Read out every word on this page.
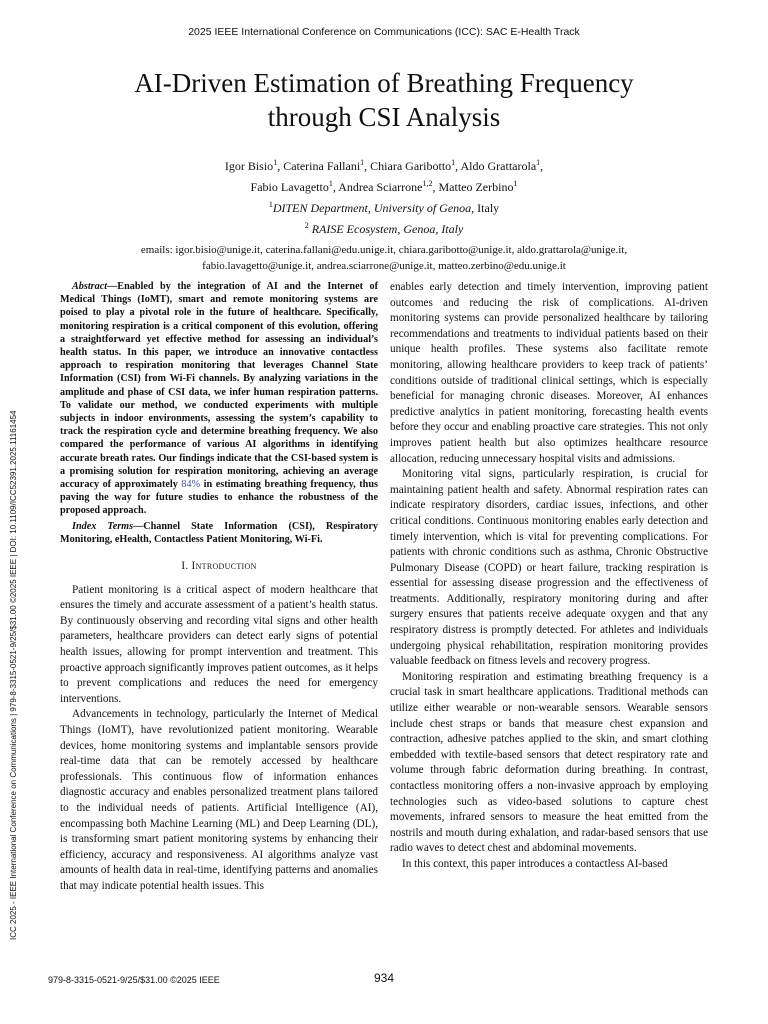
2025 IEEE International Conference on Communications (ICC): SAC E-Health Track
AI-Driven Estimation of Breathing Frequency
through CSI Analysis
Igor Bisio$^1$, Caterina Fallani$^1$, Chiara Garibotto$^1$, Aldo Grattarola$^1$,
Fabio Lavagetto$^1$, Andrea Sciarrone$^{1,2}$, Matteo Zerbino$^1$
$^1$DITEN Department, University of Genoa, Italy
$^2$ RAISE Ecosystem, Genoa, Italy
emails: igor.bisio@unige.it, caterina.fallani@edu.unige.it, chiara.garibotto@unige.it, aldo.grattarola@unige.it,
fabio.lavagetto@unige.it, andrea.sciarrone@unige.it, matteo.zerbino@edu.unige.it
ICC 2025 - IEEE International Conference on Communications | 979-8-3315-0521-9/25/$31.00 ©2025 IEEE | DOI: 10.1109/ICC52391.2025.11161454

Abstract—Enabled by the integration of AI and the Internet of Medical Things (IoMT), smart and remote monitoring systems are poised to play a pivotal role in the future of healthcare. Specifically, monitoring respiration is a critical component of this evolution, offering a straightforward yet effective method for assessing an individual’s health status. In this paper, we introduce an innovative contactless approach to respiration monitoring that leverages Channel State Information (CSI) from Wi-Fi channels. By analyzing variations in the amplitude and phase of CSI data, we infer human respiration patterns. To validate our method, we conducted experiments with multiple subjects in indoor environments, assessing the system’s capability to track the respiration cycle and determine breathing frequency. We also compared the performance of various AI algorithms in identifying accurate breath rates. Our findings indicate that the CSI-based system is a promising solution for respiration monitoring, achieving an average accuracy of approximately 84% in estimating breathing frequency, thus paving the way for future studies to enhance the robustness of the proposed approach.

Index Terms—Channel State Information (CSI), Respiratory Monitoring, eHealth, Contactless Patient Monitoring, Wi-Fi.

I. Introduction

Patient monitoring is a critical aspect of modern healthcare that ensures the timely and accurate assessment of a patient’s health status. By continuously observing and recording vital signs and other health parameters, healthcare providers can detect early signs of potential health issues, allowing for prompt intervention and treatment. This proactive approach significantly improves patient outcomes, as it helps to prevent complications and reduces the need for emergency interventions.

Advancements in technology, particularly the Internet of Medical Things (IoMT), have revolutionized patient monitoring. Wearable devices, home monitoring systems and implantable sensors provide real-time data that can be remotely accessed by healthcare professionals. This continuous flow of information enhances diagnostic accuracy and enables personalized treatment plans tailored to the individual needs of patients. Artificial Intelligence (AI), encompassing both Machine Learning (ML) and Deep Learning (DL), is transforming smart patient monitoring systems by enhancing their efficiency, accuracy and responsiveness. AI algorithms analyze vast amounts of health data in real-time, identifying patterns and anomalies that may indicate potential health issues. This

enables early detection and timely intervention, improving patient outcomes and reducing the risk of complications. AI-driven monitoring systems can provide personalized healthcare by tailoring recommendations and treatments to individual patients based on their unique health profiles. These systems also facilitate remote monitoring, allowing healthcare providers to keep track of patients’ conditions outside of traditional clinical settings, which is especially beneficial for managing chronic diseases. Moreover, AI enhances predictive analytics in patient monitoring, forecasting health events before they occur and enabling proactive care strategies. This not only improves patient health but also optimizes healthcare resource allocation, reducing unnecessary hospital visits and admissions.

Monitoring vital signs, particularly respiration, is crucial for maintaining patient health and safety. Abnormal respiration rates can indicate respiratory disorders, cardiac issues, infections, and other critical conditions. Continuous monitoring enables early detection and timely intervention, which is vital for preventing complications. For patients with chronic conditions such as asthma, Chronic Obstructive Pulmonary Disease (COPD) or heart failure, tracking respiration is essential for assessing disease progression and the effectiveness of treatments. Additionally, respiratory monitoring during and after surgery ensures that patients receive adequate oxygen and that any respiratory distress is promptly detected. For athletes and individuals undergoing physical rehabilitation, respiration monitoring provides valuable feedback on fitness levels and recovery progress.

Monitoring respiration and estimating breathing frequency is a crucial task in smart healthcare applications. Traditional methods can utilize either wearable or non-wearable sensors. Wearable sensors include chest straps or bands that measure chest expansion and contraction, adhesive patches applied to the skin, and smart clothing embedded with textile-based sensors that detect respiratory rate and volume through fabric deformation during breathing. In contrast, contactless monitoring offers a non-invasive approach by employing technologies such as video-based solutions to capture chest movements, infrared sensors to measure the heat emitted from the nostrils and mouth during exhalation, and radar-based sensors that use radio waves to detect chest and abdominal movements.

In this context, this paper introduces a contactless AI-based

979-8-3315-0521-9/25/$31.00 ©2025 IEEE	934
